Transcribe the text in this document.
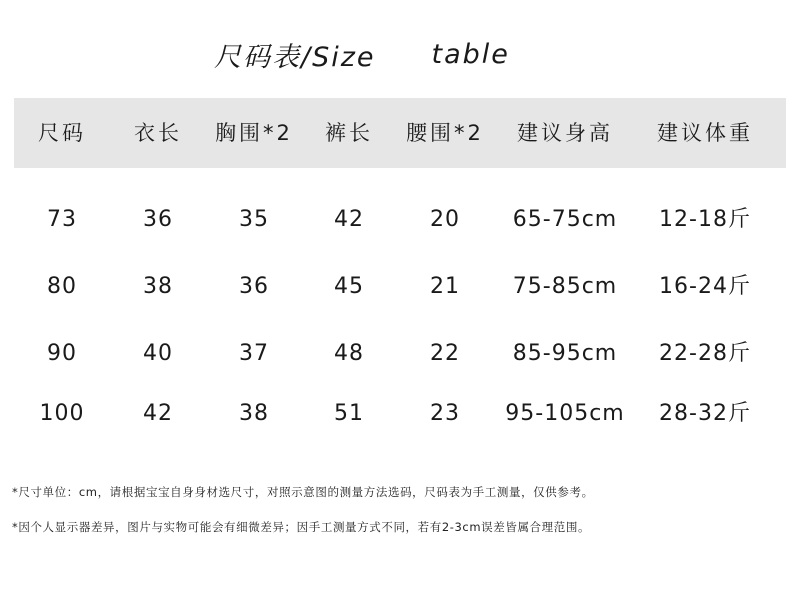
尺码表/Size table
尺码 衣长 胸围*2 裤长 腰围*2 建议身高 建议体重
73	36	35	42	20 65-75cm 12-18斤
80	38	36	45	21 75-85cm 16-24斤
90	40	37	48	22 85-95cm 22-28斤
100	42	38	51	23 95-105cm 28-32斤
*尺寸单位：cm，请根据宝宝自身身材选尺寸，对照示意图的测量方法选码，尺码表为手工测量，仅供参考。
*因个人显示器差异，图片与实物可能会有细微差异；因手工测量方式不同，若有2-3cm误差皆属合理范围。
